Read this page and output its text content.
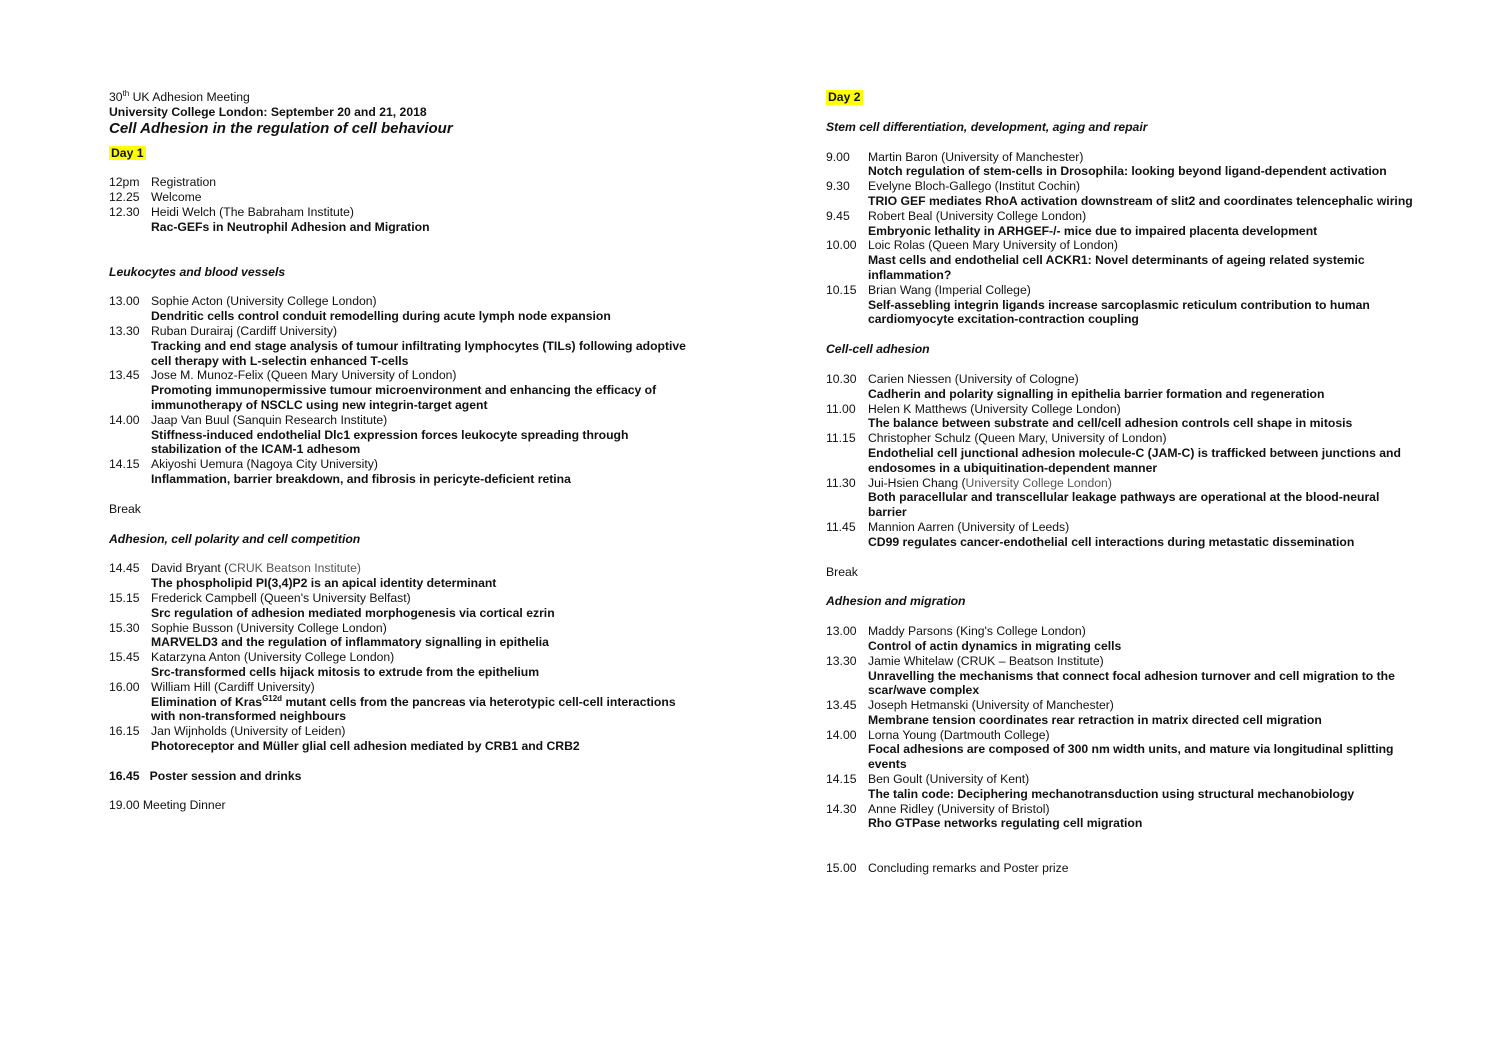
30th UK Adhesion Meeting
University College London: September 20 and 21, 2018
Cell Adhesion in the regulation of cell behaviour
Day 1
12pm Registration
12.25 Welcome
12.30 Heidi Welch (The Babraham Institute)
Rac-GEFs in Neutrophil Adhesion and Migration
Leukocytes and blood vessels
13.00 Sophie Acton (University College London)
Dendritic cells control conduit remodelling during acute lymph node expansion
13.30 Ruban Durairaj (Cardiff University)
Tracking and end stage analysis of tumour infiltrating lymphocytes (TILs) following adoptive cell therapy with L-selectin enhanced T-cells
13.45 Jose M. Munoz-Felix (Queen Mary University of London)
Promoting immunopermissive tumour microenvironment and enhancing the efficacy of immunotherapy of NSCLC using new integrin-target agent
14.00 Jaap Van Buul (Sanquin Research Institute)
Stiffness-induced endothelial Dlc1 expression forces leukocyte spreading through stabilization of the ICAM-1 adhesom
14.15 Akiyoshi Uemura (Nagoya City University)
Inflammation, barrier breakdown, and fibrosis in pericyte-deficient retina
Break
Adhesion, cell polarity and cell competition
14.45 David Bryant (CRUK Beatson Institute)
The phospholipid PI(3,4)P2 is an apical identity determinant
15.15 Frederick Campbell (Queen's University Belfast)
Src regulation of adhesion mediated morphogenesis via cortical ezrin
15.30 Sophie Busson (University College London)
MARVELD3 and the regulation of inflammatory signalling in epithelia
15.45 Katarzyna Anton (University College London)
Src-transformed cells hijack mitosis to extrude from the epithelium
16.00 William Hill (Cardiff University)
Elimination of Kras$^{G12d}$ mutant cells from the pancreas via heterotypic cell-cell interactions with non-transformed neighbours
16.15 Jan Wijnholds (University of Leiden)
Photoreceptor and Müller glial cell adhesion mediated by CRB1 and CRB2
16.45   Poster session and drinks
19.00 Meeting Dinner
Day 2
Stem cell differentiation, development, aging and repair
9.00	Martin Baron (University of Manchester)
Notch regulation of stem-cells in Drosophila: looking beyond ligand-dependent activation
9.30	Evelyne Bloch-Gallego (Institut Cochin)
TRIO GEF mediates RhoA activation downstream of slit2 and coordinates telencephalic wiring
9.45	Robert Beal (University College London)
Embryonic lethality in ARHGEF-/- mice due to impaired placenta development
10.00 Loic Rolas (Queen Mary University of London)
Mast cells and endothelial cell ACKR1: Novel determinants of ageing related systemic inflammation?
10.15 Brian Wang (Imperial College)
Self-assebling integrin ligands increase sarcoplasmic reticulum contribution to human cardiomyocyte excitation-contraction coupling
Cell-cell adhesion
10.30 Carien Niessen (University of Cologne)
Cadherin and polarity signalling in epithelia barrier formation and regeneration
11.00	Helen K Matthews (University College London)
The balance between substrate and cell/cell adhesion controls cell shape in mitosis
11.15	Christopher Schulz (Queen Mary, University of London)
Endothelial cell junctional adhesion molecule-C (JAM-C) is trafficked between junctions and endosomes in a ubiquitination-dependent manner
11.30	Jui-Hsien Chang (University College London)
Both paracellular and transcellular leakage pathways are operational at the blood-neural barrier
11.45	Mannion Aarren (University of Leeds)
CD99 regulates cancer-endothelial cell interactions during metastatic dissemination
Break
Adhesion and migration
13.00 Maddy Parsons (King's College London)
Control of actin dynamics in migrating cells
13.30 Jamie Whitelaw (CRUK – Beatson Institute)
Unravelling the mechanisms that connect focal adhesion turnover and cell migration to the scar/wave complex
13.45 Joseph Hetmanski (University of Manchester)
Membrane tension coordinates rear retraction in matrix directed cell migration
14.00 Lorna Young (Dartmouth College)
Focal adhesions are composed of 300 nm width units, and mature via longitudinal splitting events
14.15 Ben Goult (University of Kent)
The talin code: Deciphering mechanotransduction using structural mechanobiology
14.30 Anne Ridley (University of Bristol)
Rho GTPase networks regulating cell migration
15.00 Concluding remarks and Poster prize
